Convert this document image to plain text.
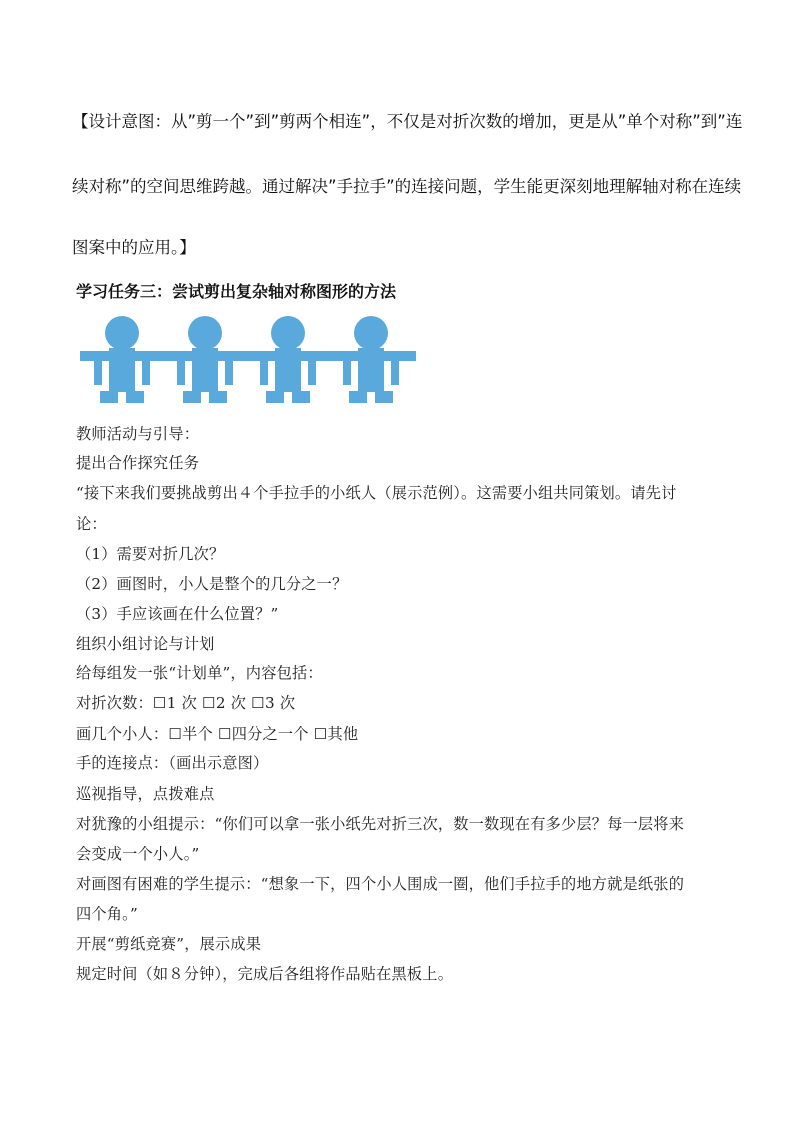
【设计意图：从”剪一个”到”剪两个相连”，不仅是对折次数的增加，更是从”单个对称”到”连
续对称”的空间思维跨越。通过解决”手拉手”的连接问题，学生能更深刻地理解轴对称在连续
图案中的应用。】
学习任务三：尝试剪出复杂轴对称图形的方法
教师活动与引导：
提出合作探究任务
“接下来我们要挑战剪出４个手拉手的小纸人（展示范例）。这需要小组共同策划。请先讨
论：
（1）需要对折几次？
（2）画图时，小人是整个的几分之一？
（3）手应该画在什么位置？”
组织小组讨论与计划
给每组发一张“计划单”，内容包括：
对折次数：☐1 次 ☐2 次 ☐3 次
画几个小人：☐半个 ☐四分之一个 ☐其他
手的连接点：（画出示意图）
巡视指导，点拨难点
对犹豫的小组提示：“你们可以拿一张小纸先对折三次，数一数现在有多少层？每一层将来
会变成一个小人。”
对画图有困难的学生提示：“想象一下，四个小人围成一圈，他们手拉手的地方就是纸张的
四个角。”
开展“剪纸竞赛”，展示成果
规定时间（如８分钟），完成后各组将作品贴在黑板上。
